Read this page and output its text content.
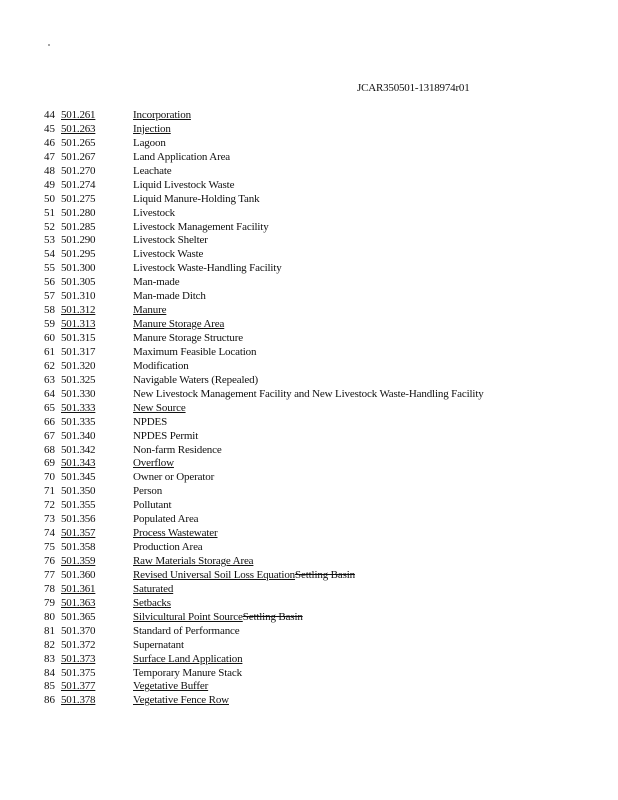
JCAR350501-1318974r01
44 501.261	Incorporation
45 501.263	Injection
46 501.265	Lagoon
47 501.267	Land Application Area
48 501.270	Leachate
49 501.274	Liquid Livestock Waste
50 501.275	Liquid Manure-Holding Tank
51 501.280	Livestock
52 501.285	Livestock Management Facility
53 501.290	Livestock Shelter
54 501.295	Livestock Waste
55 501.300	Livestock Waste-Handling Facility
56 501.305	Man-made
57 501.310	Man-made Ditch
58 501.312	Manure
59 501.313	Manure Storage Area
60 501.315	Manure Storage Structure
61 501.317	Maximum Feasible Location
62 501.320	Modification
63 501.325	Navigable Waters (Repealed)
64 501.330	New Livestock Management Facility and New Livestock Waste-Handling Facility
65 501.333	New Source
66 501.335	NPDES
67 501.340	NPDES Permit
68 501.342	Non-farm Residence
69 501.343	Overflow
70 501.345	Owner or Operator
71 501.350	Person
72 501.355	Pollutant
73 501.356	Populated Area
74 501.357	Process Wastewater
75 501.358	Production Area
76 501.359	Raw Materials Storage Area
77 501.360	Revised Universal Soil Loss EquationSettling Basin
78 501.361	Saturated
79 501.363	Setbacks
80 501.365	Silvicultural Point SourceSettling Basin
81 501.370	Standard of Performance
82 501.372	Supernatant
83 501.373	Surface Land Application
84 501.375	Temporary Manure Stack
85 501.377	Vegetative Buffer
86 501.378	Vegetative Fence Row
